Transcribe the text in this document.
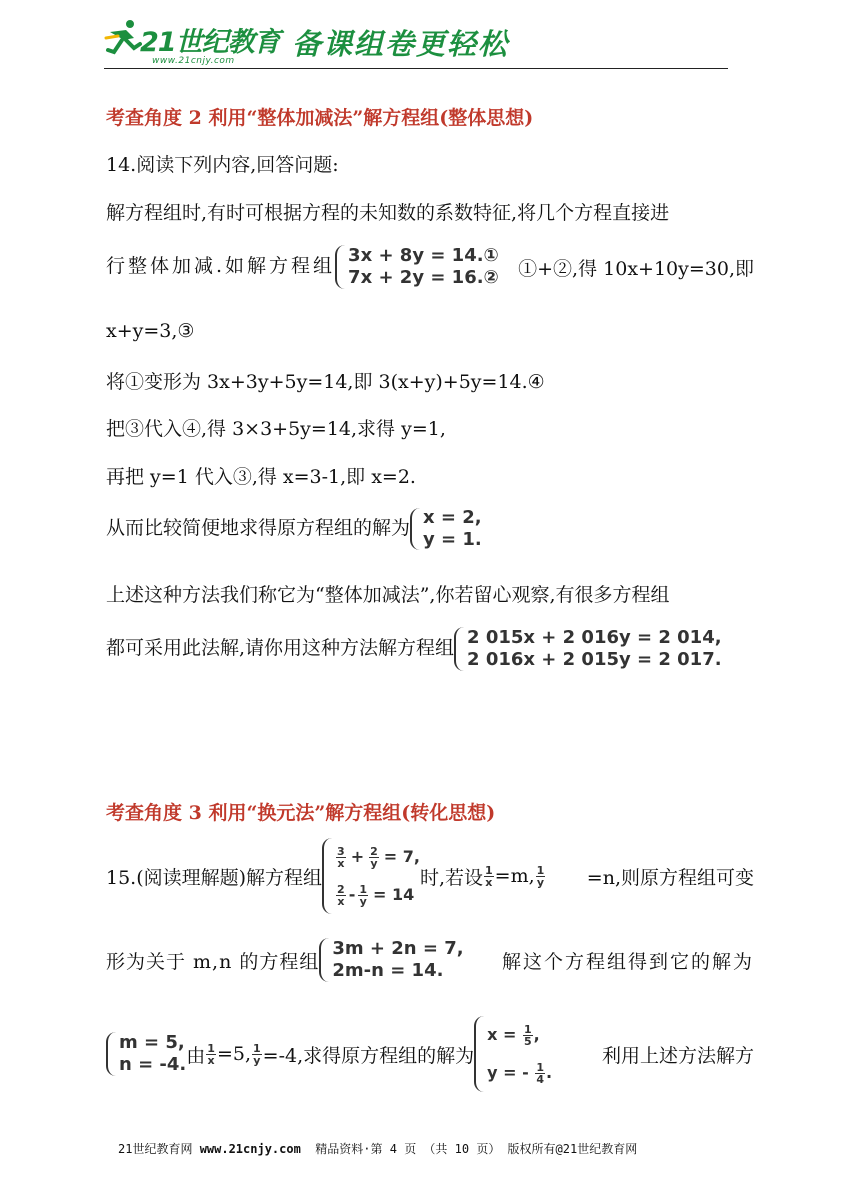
21世纪教育
www.21cnjy.com 备课组卷更轻松
考查角度 2 利用“整体加减法”解方程组(整体思想)
14.阅读下列内容,回答问题:
解方程组时,有时可根据方程的未知数的系数特征,将几个方程直接进
行整体加减.如解方程组 3x + 8y = 14.①
7x + 2y = 16.② ①+②,得 10x+10y=30,即
x+y=3,③
将①变形为 3x+3y+5y=14,即 3(x+y)+5y=14.④
把③代入④,得 3×3+5y=14,求得 y=1,
再把 y=1 代入③,得 x=3-1,即 x=2.
从而比较简便地求得原方程组的解为 x = 2,
y = 1.
上述这种方法我们称它为“整体加减法”,你若留心观察,有很多方程组
都可采用此法解,请你用这种方法解方程组 2 015x + 2 016y = 2 014,
2 016x + 2 015y = 2 017.
考查角度 3 利用“换元法”解方程组(转化思想)
15.(阅读理解题)解方程组
$\frac{3}{x} + \frac{2}{y} = 7$,
$\frac{2}{x} - \frac{1}{y} = 14$
时,若设 $\frac{1}{x} =m$, $\frac{1}{y} =n$,则原方程组可变
形为关于 m,n 的方程组
3m + 2n = 7,
2m-n = 14.	解这个方程组得到它的解为
m = 5,
n = -4. 由 $\frac{1}{x} =5$, $\frac{1}{y} =-4$,求得原方程组的解为
$x = \frac{1}{5}$ ,
y = - $\frac{1}{4}$ .
利用上述方法解方
21世纪教育网 www.21cnjy.com  精品资料·第 4 页 （共 10 页） 版权所有@21世纪教育网
